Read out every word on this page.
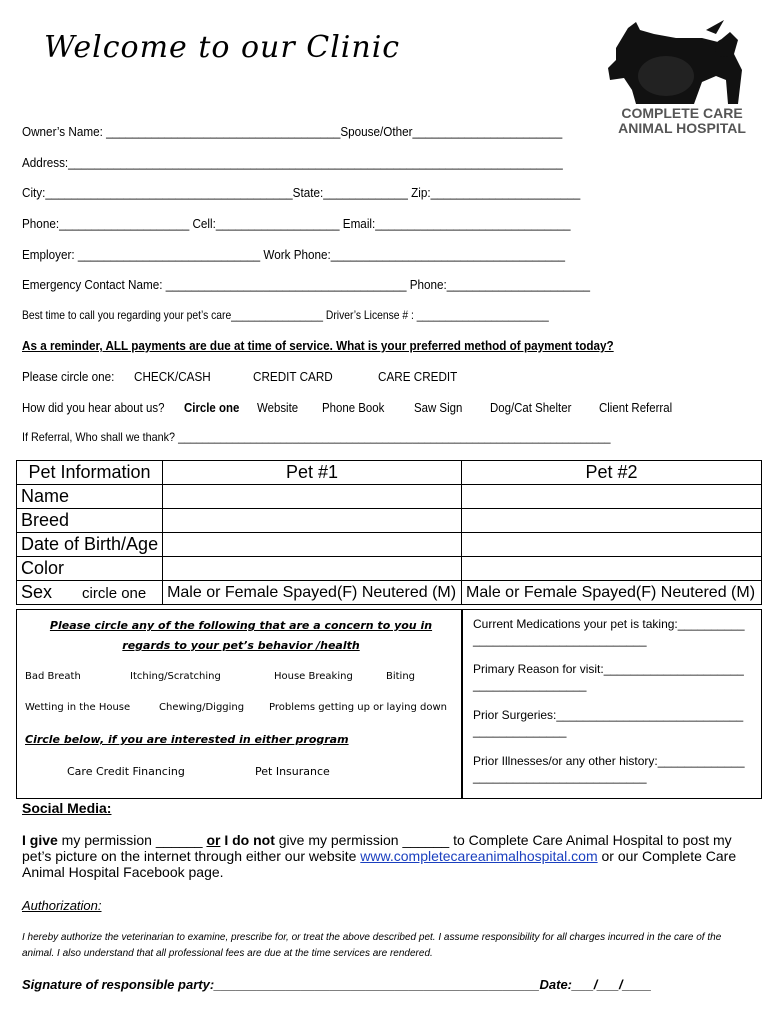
Welcome to our Clinic
COMPLETE CARE
ANIMAL HOSPITAL
Owner’s Name: ____________________________________Spouse/Other_______________________
Address:____________________________________________________________________________
City:______________________________________State:_____________ Zip:_______________________
Phone:____________________ Cell:___________________ Email:______________________________
Employer: ____________________________ Work Phone:____________________________________
Emergency Contact Name: _____________________________________ Phone:______________________
Best time to call you regarding your pet’s care________________ Driver’s License # : _______________________
As a reminder, ALL payments are due at time of service. What is your preferred method of payment today?
Please circle one: CHECK/CASH	CREDIT CARD	CARE CREDIT
How did you hear about us? Circle one Website Phone Book Saw Sign Dog/Cat Shelter Client Referral
If Referral, Who shall we thank? ________________________________________________________________________
Pet Information	Pet #1	Pet #2
Name		
Breed		
Date of Birth/Age		
Color		
Sex circle one	Male or Female Spayed(F) Neutered (M)	Male or Female Spayed(F) Neutered (M)
Please circle any of the following that are a concern to you in regards to your pet’s behavior /health
Bad Breath	Itching/Scratching	House Breaking	Biting
Wetting in the House	Chewing/Digging Problems getting up or laying down
Circle below, if you are interested in either program
Care Credit Financing	Pet Insurance
Current Medications your pet is taking:____________________________________
Primary Reason for visit:______________________________________
Prior Surgeries:__________________________________________
Prior Illnesses/or any other history:_______________________________________
Social Media:
I give my permission ______ or I do not give my permission ______ to Complete Care Animal Hospital to post my pet’s picture on the internet through either our website www.completecareanimalhospital.com or our Complete Care Animal Hospital Facebook page.
Authorization:
I hereby authorize the veterinarian to examine, prescribe for, or treat the above described pet. I assume responsibility for all charges incurred in the care of the animal. I also understand that all professional fees are due at the time services are rendered.
Signature of responsible party:_____________________________________________Date:___/___/____
